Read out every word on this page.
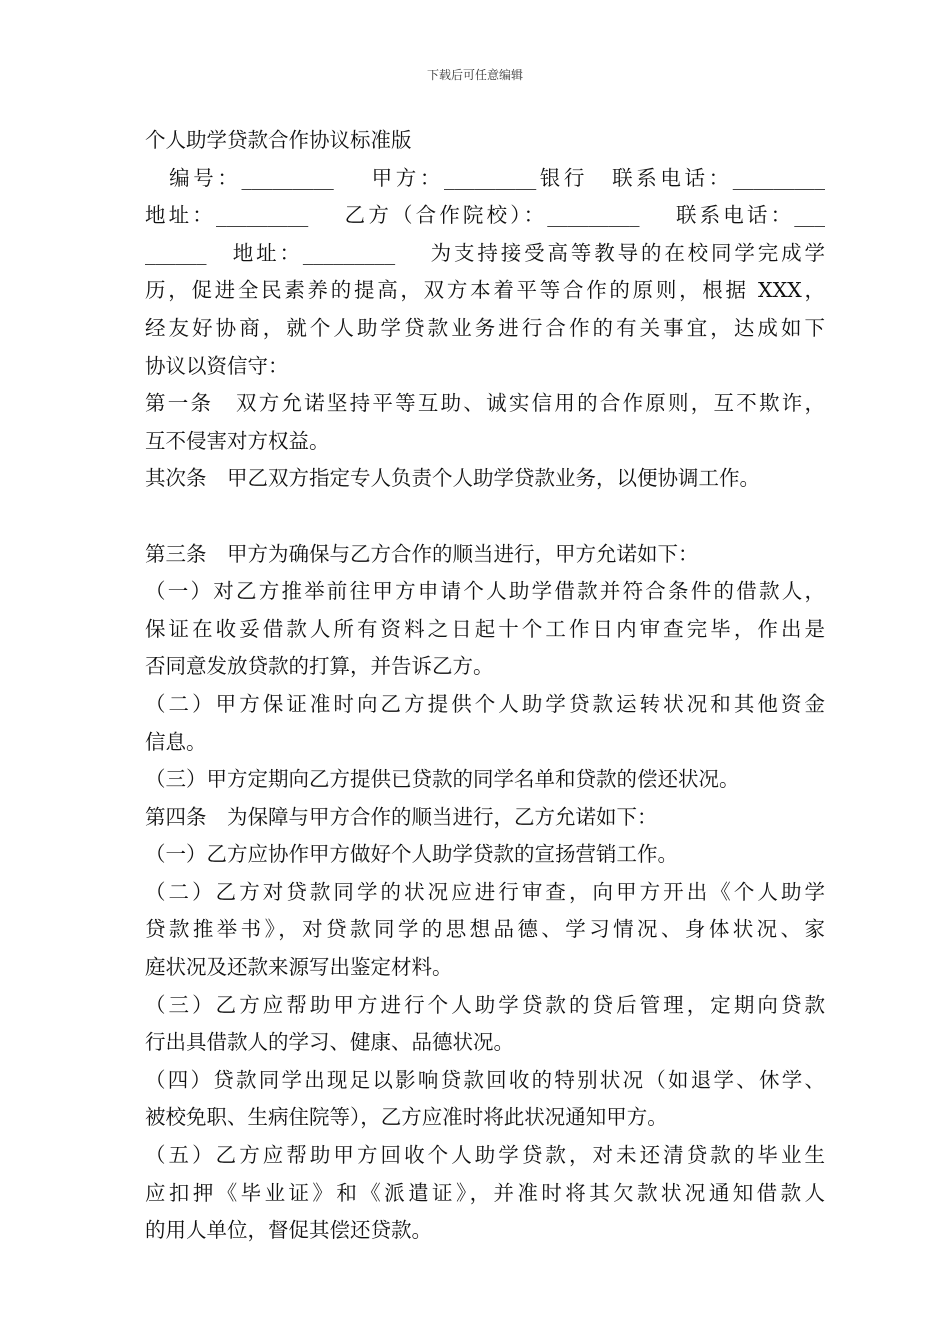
下载后可任意编辑
个人助学贷款合作协议标准版
　编号：_________　 甲方：_________银行　联系电话：_________
地址：_________　 乙方（合作院校）：_________　 联系电话：___
______　地址：_________　 为支持接受高等教导的在校同学完成学
历，促进全民素养的提高，双方本着平等合作的原则，根据 XXX，
经友好协商，就个人助学贷款业务进行合作的有关事宜，达成如下
协议以资信守：
第一条　双方允诺坚持平等互助、诚实信用的合作原则，互不欺诈，
互不侵害对方权益。
其次条　甲乙双方指定专人负责个人助学贷款业务，以便协调工作。
第三条　甲方为确保与乙方合作的顺当进行，甲方允诺如下：
（一）对乙方推举前往甲方申请个人助学借款并符合条件的借款人，
保证在收妥借款人所有资料之日起十个工作日内审查完毕，作出是
否同意发放贷款的打算，并告诉乙方。
（二）甲方保证准时向乙方提供个人助学贷款运转状况和其他资金
信息。
（三）甲方定期向乙方提供已贷款的同学名单和贷款的偿还状况。
第四条　为保障与甲方合作的顺当进行，乙方允诺如下：
（一）乙方应协作甲方做好个人助学贷款的宣扬营销工作。
（二）乙方对贷款同学的状况应进行审查，向甲方开出《个人助学
贷款推举书》，对贷款同学的思想品德、学习情况、身体状况、家
庭状况及还款来源写出鉴定材料。
（三）乙方应帮助甲方进行个人助学贷款的贷后管理，定期向贷款
行出具借款人的学习、健康、品德状况。
（四）贷款同学出现足以影响贷款回收的特别状况（如退学、休学、
被校免职、生病住院等），乙方应准时将此状况通知甲方。
（五）乙方应帮助甲方回收个人助学贷款，对未还清贷款的毕业生
应扣押《毕业证》和《派遣证》，并准时将其欠款状况通知借款人
的用人单位，督促其偿还贷款。
